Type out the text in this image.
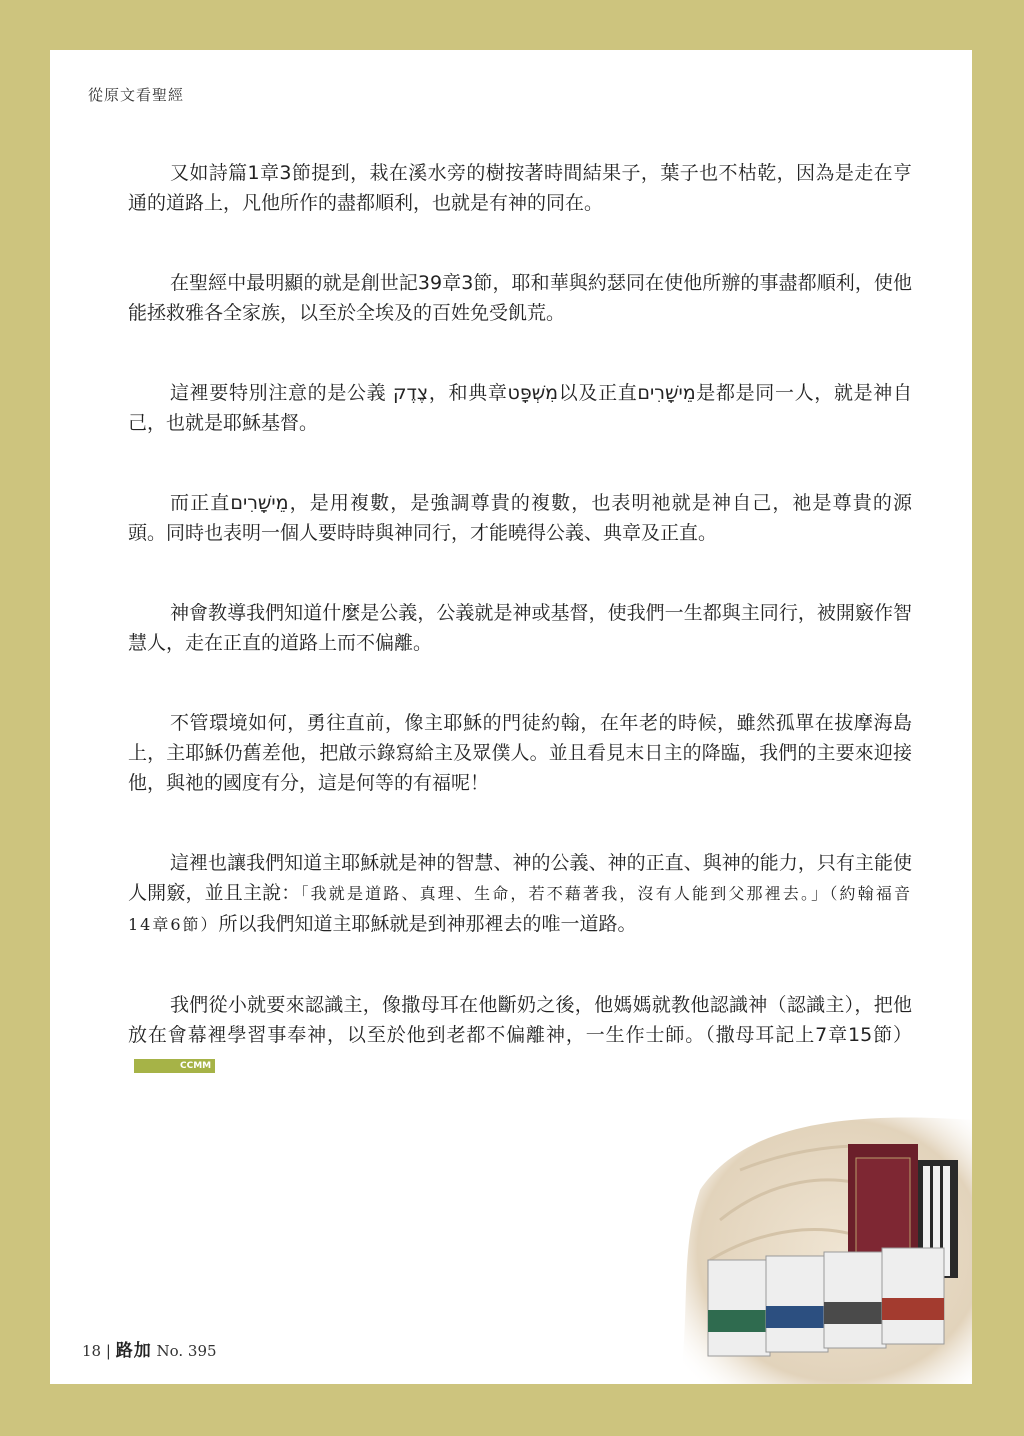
從原文看聖經

又如詩篇1章3節提到，栽在溪水旁的樹按著時間結果子，葉子也不枯乾，因為是走在亨通的道路上，凡他所作的盡都順利，也就是有神的同在。

在聖經中最明顯的就是創世記39章3節，耶和華與約瑟同在使他所辦的事盡都順利，使他能拯救雅各全家族，以至於全埃及的百姓免受飢荒。

這裡要特別注意的是公義 צֶדֶק，和典章מִשְׁפָּט以及正直מֵישָׁרִים是都是同一人，就是神自己，也就是耶穌基督。

而正直מֵישָׁרִים，是用複數，是強調尊貴的複數，也表明祂就是神自己，祂是尊貴的源頭。同時也表明一個人要時時與神同行，才能曉得公義、典章及正直。

神會教導我們知道什麼是公義，公義就是神或基督，使我們一生都與主同行，被開竅作智慧人，走在正直的道路上而不偏離。

不管環境如何，勇往直前，像主耶穌的門徒約翰，在年老的時候，雖然孤單在拔摩海島上，主耶穌仍舊差他，把啟示錄寫給主及眾僕人。並且看見末日主的降臨，我們的主要來迎接他，與祂的國度有分，這是何等的有福呢！

這裡也讓我們知道主耶穌就是神的智慧、神的公義、神的正直、與神的能力，只有主能使人開竅，並且主說：「我就是道路、真理、生命，若不藉著我，沒有人能到父那裡去。」（約翰福音14章6節）所以我們知道主耶穌就是到神那裡去的唯一道路。

我們從小就要來認識主，像撒母耳在他斷奶之後，他媽媽就教他認識神（認識主），把他放在會幕裡學習事奉神，以至於他到老都不偏離神，一生作士師。（撒母耳記上7章15節）CCMM

18 | 路加 No. 395
